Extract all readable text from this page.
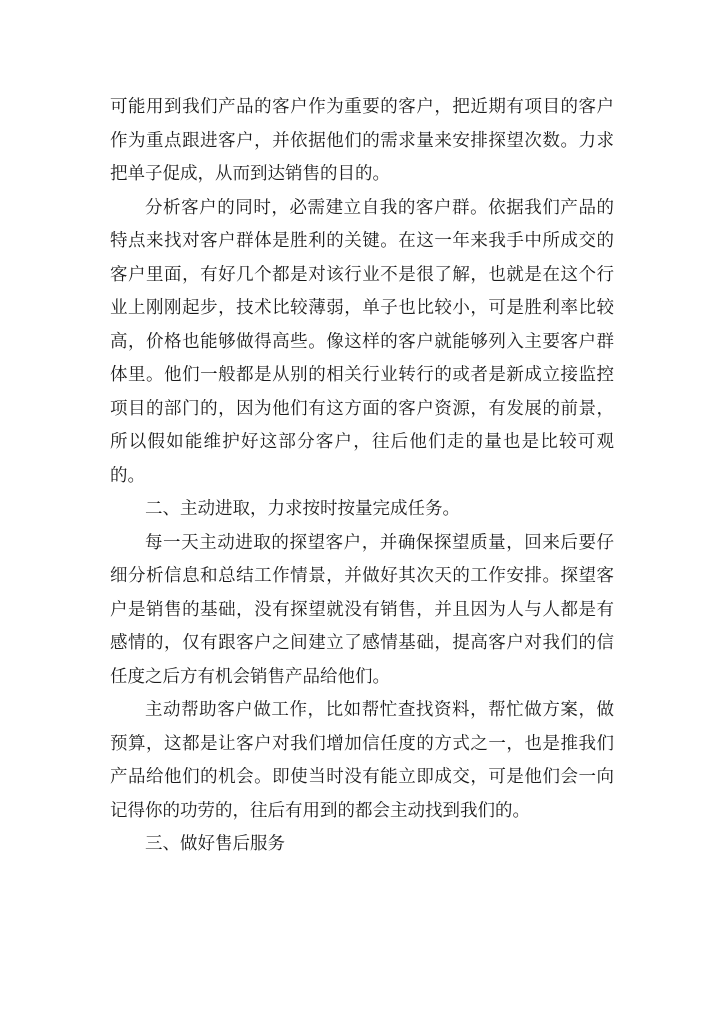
可能用到我们产品的客户作为重要的客户，把近期有项目的客户作为重点跟进客户，并依据他们的需求量来安排探望次数。力求把单子促成，从而到达销售的目的。

分析客户的同时，必需建立自我的客户群。依据我们产品的特点来找对客户群体是胜利的关键。在这一年来我手中所成交的客户里面，有好几个都是对该行业不是很了解，也就是在这个行业上刚刚起步，技术比较薄弱，单子也比较小，可是胜利率比较高，价格也能够做得高些。像这样的客户就能够列入主要客户群体里。他们一般都是从别的相关行业转行的或者是新成立接监控项目的部门的，因为他们有这方面的客户资源，有发展的前景，所以假如能维护好这部分客户，往后他们走的量也是比较可观的。

二、主动进取，力求按时按量完成任务。

每一天主动进取的探望客户，并确保探望质量，回来后要仔细分析信息和总结工作情景，并做好其次天的工作安排。探望客户是销售的基础，没有探望就没有销售，并且因为人与人都是有感情的，仅有跟客户之间建立了感情基础，提高客户对我们的信任度之后方有机会销售产品给他们。

主动帮助客户做工作，比如帮忙查找资料，帮忙做方案，做预算，这都是让客户对我们增加信任度的方式之一，也是推我们产品给他们的机会。即使当时没有能立即成交，可是他们会一向记得你的功劳的，往后有用到的都会主动找到我们的。

三、做好售后服务
